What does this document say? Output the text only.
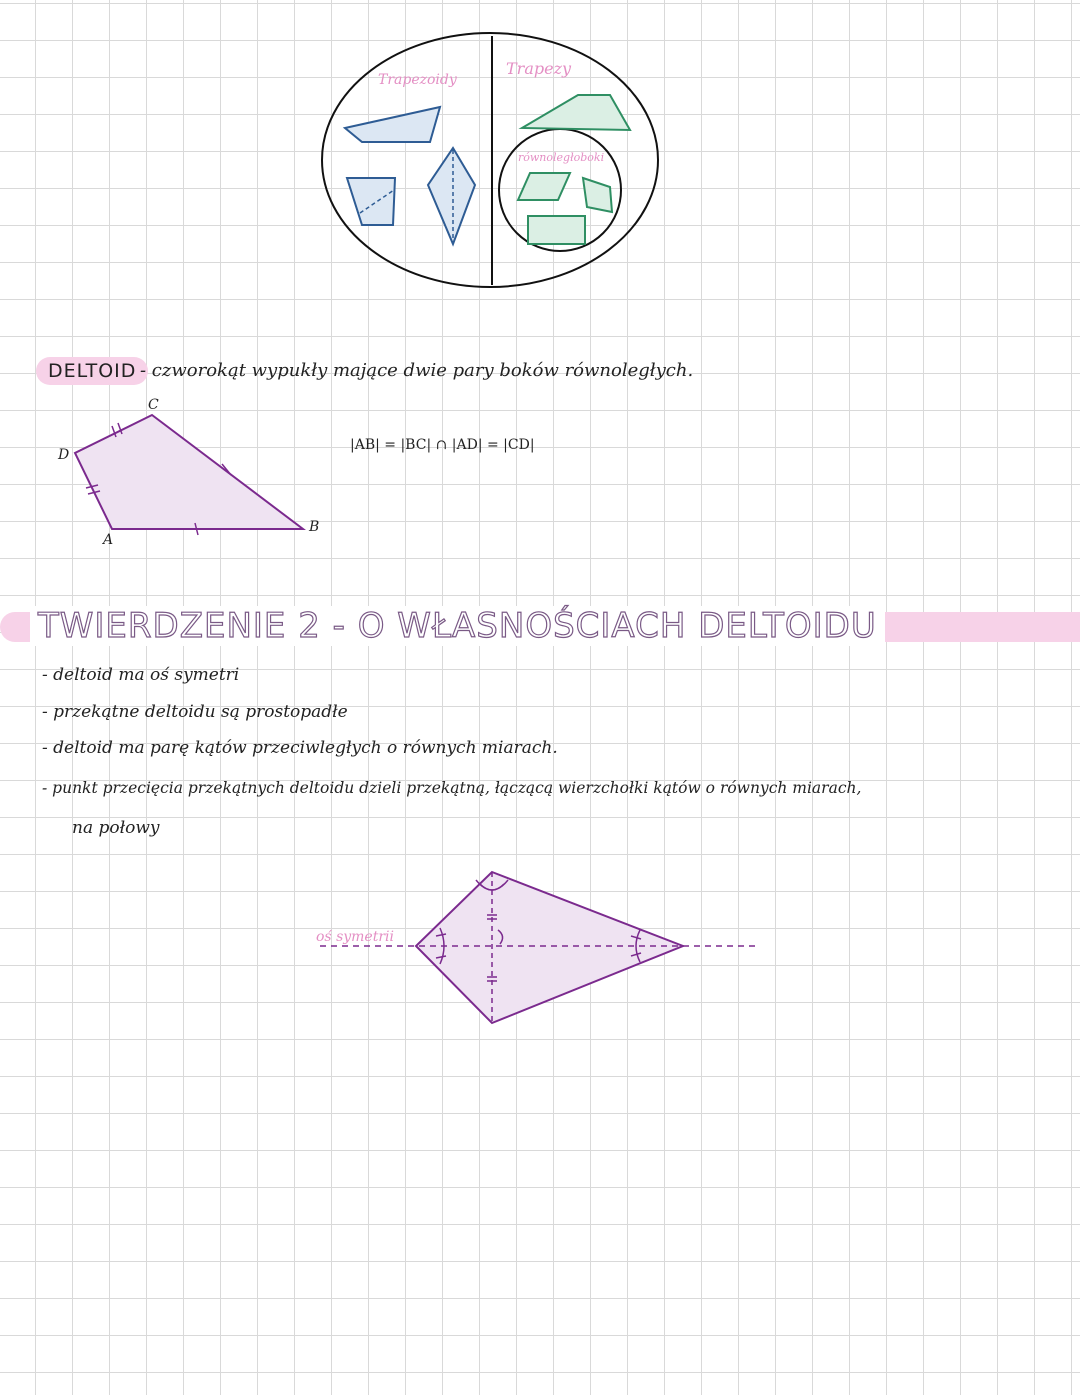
Trapezoidy
Trapezy
równoległoboki
DELTOID - czworokąt wypukły mające dwie pary boków równoległych.
A
B
C
D
|AB| = |BC| ∩ |AD| = |CD|
TWIERDZENIE 2 - O WŁASNOŚCIACH DELTOIDU
- deltoid ma oś symetri
- przekątne deltoidu są prostopadłe
- deltoid ma parę kątów przeciwległych o równych miarach.
- punkt przecięcia przekątnych deltoidu dzieli przekątną, łączącą wierzchołki kątów o równych miarach,
na połowy
oś symetrii
